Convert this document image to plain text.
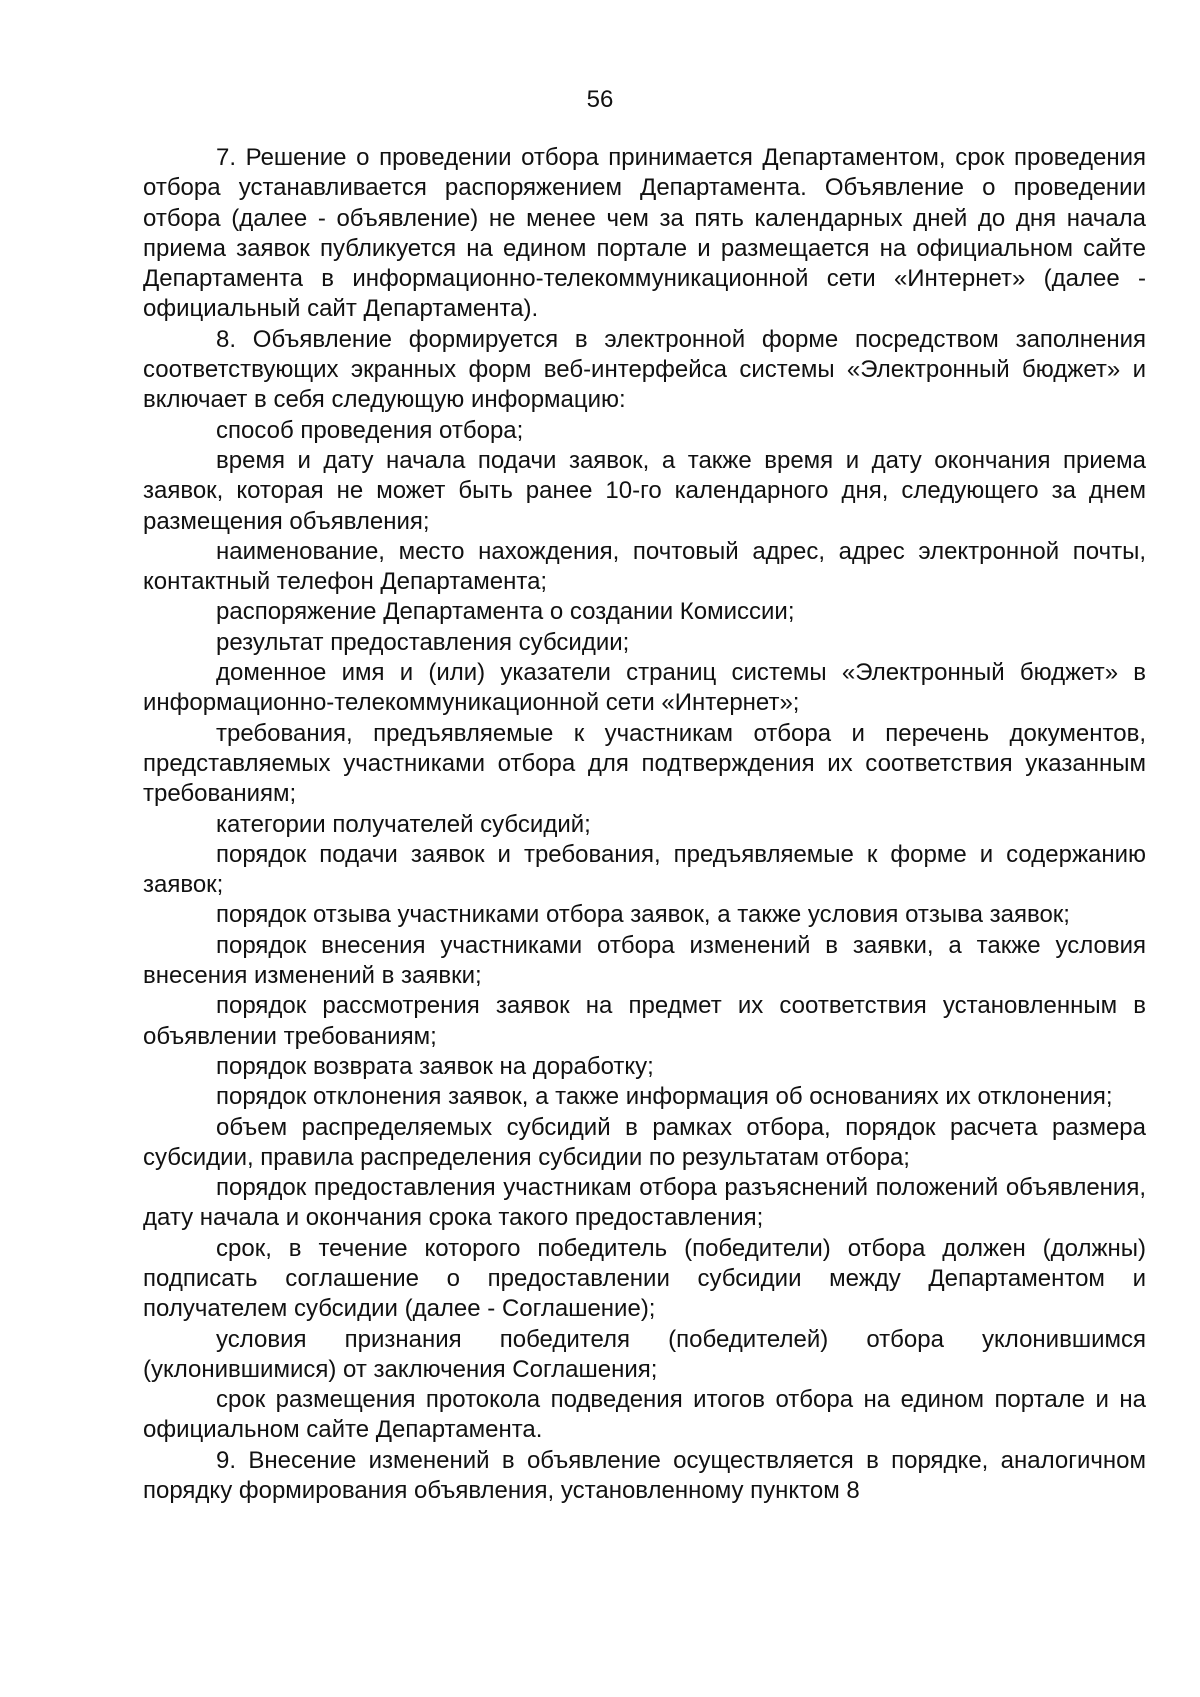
56

7. Решение о проведении отбора принимается Департаментом, срок проведения отбора устанавливается распоряжением Департамента. Объявление о проведении отбора (далее - объявление) не менее чем за пять календарных дней до дня начала приема заявок публикуется на едином портале и размещается на официальном сайте Департамента в информационно-телекоммуникационной сети «Интернет» (далее - официальный сайт Департамента).

8. Объявление формируется в электронной форме посредством заполнения соответствующих экранных форм веб-интерфейса системы «Электронный бюджет» и включает в себя следующую информацию:

способ проведения отбора;

время и дату начала подачи заявок, а также время и дату окончания приема заявок, которая не может быть ранее 10-го календарного дня, следующего за днем размещения объявления;

наименование, место нахождения, почтовый адрес, адрес электронной почты, контактный телефон Департамента;

распоряжение Департамента о создании Комиссии;

результат предоставления субсидии;

доменное имя и (или) указатели страниц системы «Электронный бюджет» в информационно-телекоммуникационной сети «Интернет»;

требования, предъявляемые к участникам отбора и перечень документов, представляемых участниками отбора для подтверждения их соответствия указанным требованиям;

категории получателей субсидий;

порядок подачи заявок и требования, предъявляемые к форме и содержанию заявок;

порядок отзыва участниками отбора заявок, а также условия отзыва заявок;

порядок внесения участниками отбора изменений в заявки, а также условия внесения изменений в заявки;

порядок рассмотрения заявок на предмет их соответствия установленным в объявлении требованиям;

порядок возврата заявок на доработку;

порядок отклонения заявок, а также информация об основаниях их отклонения;

объем распределяемых субсидий в рамках отбора, порядок расчета размера субсидии, правила распределения субсидии по результатам отбора;

порядок предоставления участникам отбора разъяснений положений объявления, дату начала и окончания срока такого предоставления;

срок, в течение которого победитель (победители) отбора должен (должны) подписать соглашение о предоставлении субсидии между Департаментом и получателем субсидии (далее - Соглашение);

условия признания победителя (победителей) отбора уклонившимся (уклонившимися) от заключения Соглашения;

срок размещения протокола подведения итогов отбора на едином портале и на официальном сайте Департамента.

9. Внесение изменений в объявление осуществляется в порядке, аналогичном порядку формирования объявления, установленному пунктом 8
